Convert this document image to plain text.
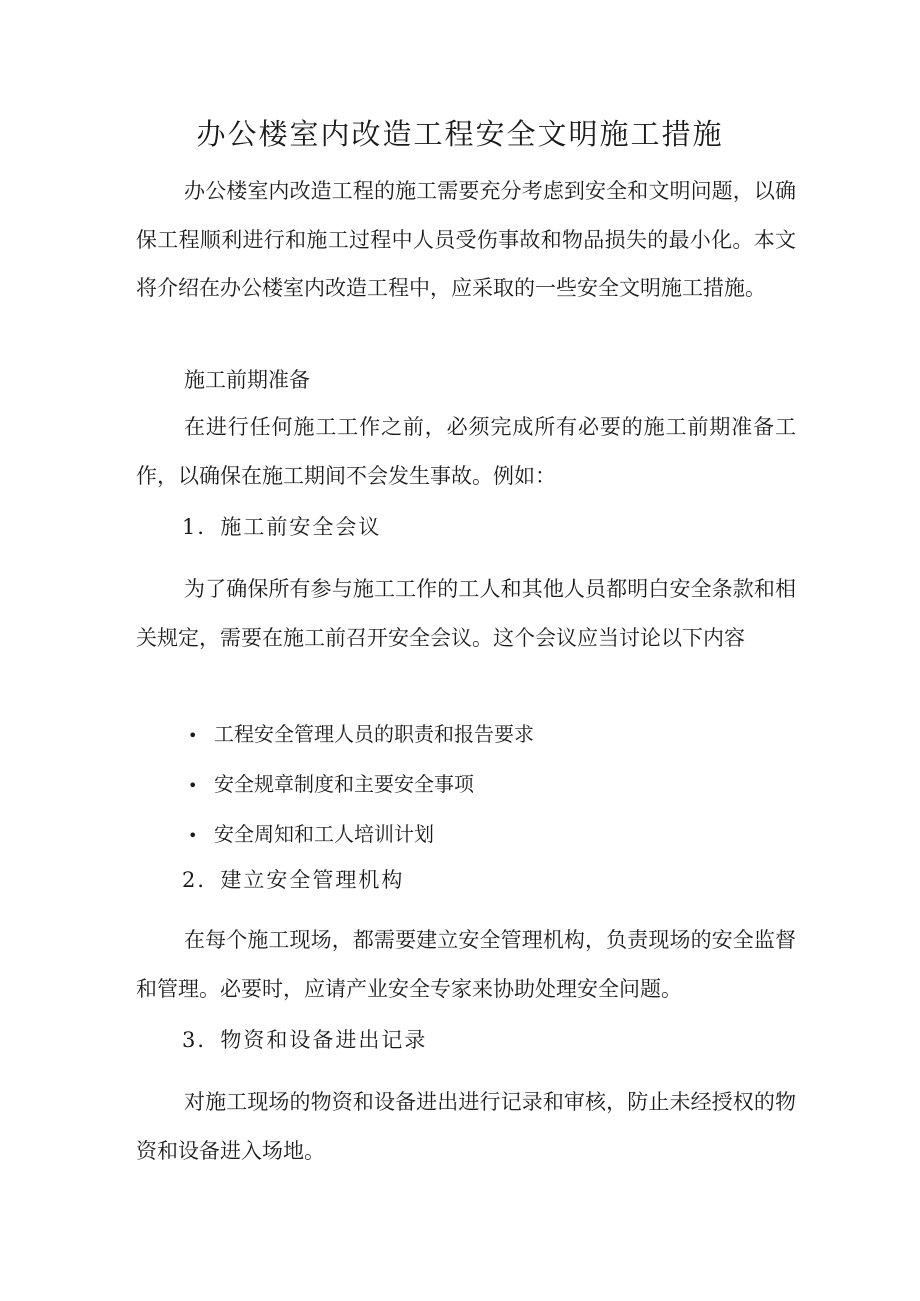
办公楼室内改造工程安全文明施工措施

办公楼室内改造工程的施工需要充分考虑到安全和文明问题，以确保工程顺利进行和施工过程中人员受伤事故和物品损失的最小化。本文将介绍在办公楼室内改造工程中，应采取的一些安全文明施工措施。

施工前期准备

在进行任何施工工作之前，必须完成所有必要的施工前期准备工作，以确保在施工期间不会发生事故。例如：

1．施工前安全会议

为了确保所有参与施工工作的工人和其他人员都明白安全条款和相关规定，需要在施工前召开安全会议。这个会议应当讨论以下内容

• 工程安全管理人员的职责和报告要求
• 安全规章制度和主要安全事项
• 安全周知和工人培训计划

2．建立安全管理机构

在每个施工现场，都需要建立安全管理机构，负责现场的安全监督和管理。必要时，应请产业安全专家来协助处理安全问题。

3．物资和设备进出记录

对施工现场的物资和设备进出进行记录和审核，防止未经授权的物资和设备进入场地。
